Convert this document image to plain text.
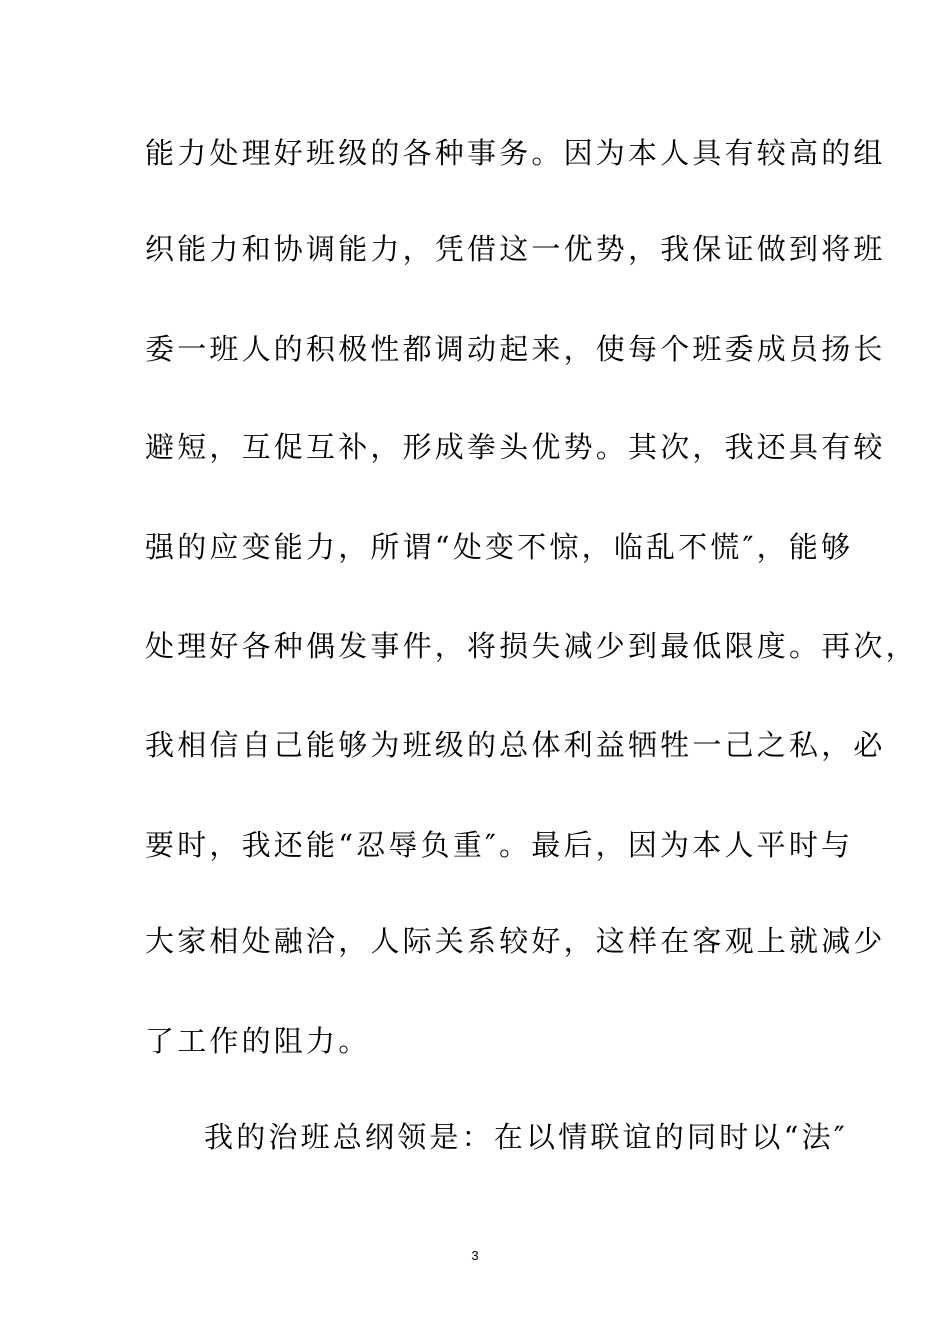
能力处理好班级的各种事务。因为本人具有较高的组

织能力和协调能力，凭借这一优势，我保证做到将班

委一班人的积极性都调动起来，使每个班委成员扬长

避短，互促互补，形成拳头优势。其次，我还具有较

强的应变能力，所谓“处变不惊，临乱不慌″，能够

处理好各种偶发事件，将损失减少到最低限度。再次，

我相信自己能够为班级的总体利益牺牲一己之私，必

要时，我还能“忍辱负重″。最后，因为本人平时与

大家相处融洽，人际关系较好，这样在客观上就减少

了工作的阻力。

我的治班总纲领是：在以情联谊的同时以“法″

3
